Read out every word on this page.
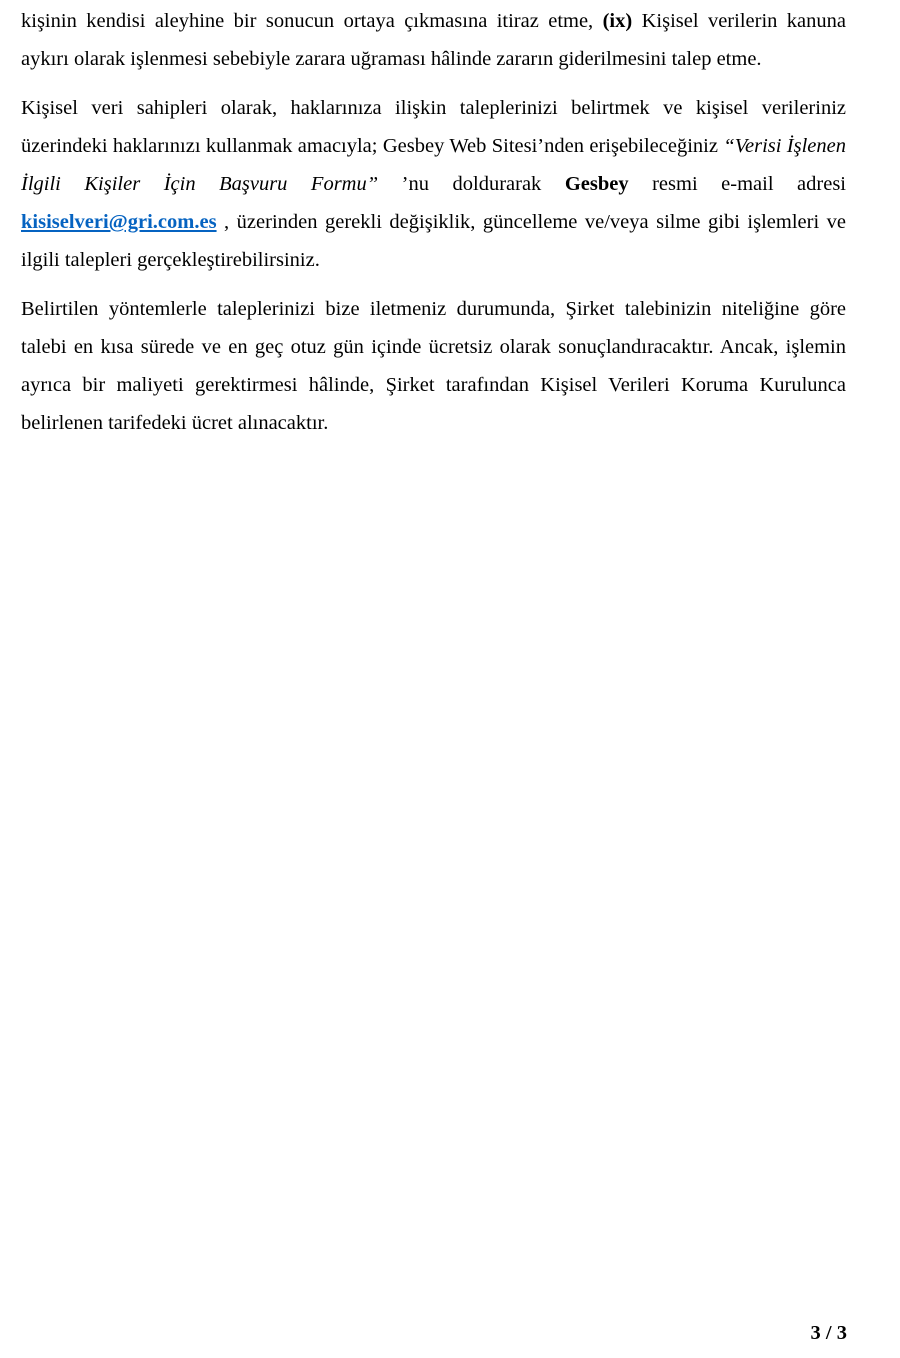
kişinin kendisi aleyhine bir sonucun ortaya çıkmasına itiraz etme, (ix) Kişisel verilerin kanuna aykırı olarak işlenmesi sebebiyle zarara uğraması hâlinde zararın giderilmesini talep etme.

Kişisel veri sahipleri olarak, haklarınıza ilişkin taleplerinizi belirtmek ve kişisel verileriniz üzerindeki haklarınızı kullanmak amacıyla; Gesbey Web Sitesi’nden erişebileceğiniz “Verisi İşlenen İlgili Kişiler İçin Başvuru Formu” ’nu doldurarak Gesbey resmi e-mail adresi kisiselveri@gri.com.es , üzerinden gerekli değişiklik, güncelleme ve/veya silme gibi işlemleri ve ilgili talepleri gerçekleştirebilirsiniz.

Belirtilen yöntemlerle taleplerinizi bize iletmeniz durumunda, Şirket talebinizin niteliğine göre talebi en kısa sürede ve en geç otuz gün içinde ücretsiz olarak sonuçlandıracaktır. Ancak, işlemin ayrıca bir maliyeti gerektirmesi hâlinde, Şirket tarafından Kişisel Verileri Koruma Kurulunca belirlenen tarifedeki ücret alınacaktır.

3 / 3
